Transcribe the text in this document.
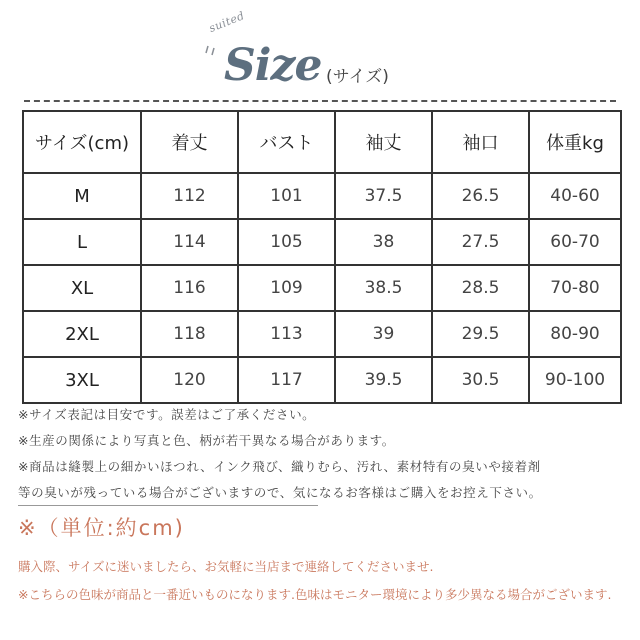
suited
Size (サイズ)
サイズ(cm)	着丈	バスト	袖丈	袖口	体重kg
M	112	101	37.5	26.5	40-60
L	114	105	38	27.5	60-70
XL	116	109	38.5	28.5	70-80
2XL	118	113	39	29.5	80-90
3XL	120	117	39.5	30.5	90-100
※サイズ表記は目安です。誤差はご了承ください。
※生産の関係により写真と色、柄が若干異なる場合があります。
※商品は縫製上の細かいほつれ、インク飛び、織りむら、汚れ、素材特有の臭いや接着剤
等の臭いが残っている場合がございますので、気になるお客様はご購入をお控え下さい。
※（単位:約cm)
購入際、サイズに迷いましたら、お気軽に当店まで連絡してくださいませ.
※こちらの色味が商品と一番近いものになります.色味はモニター環境により多少異なる場合がございます.
